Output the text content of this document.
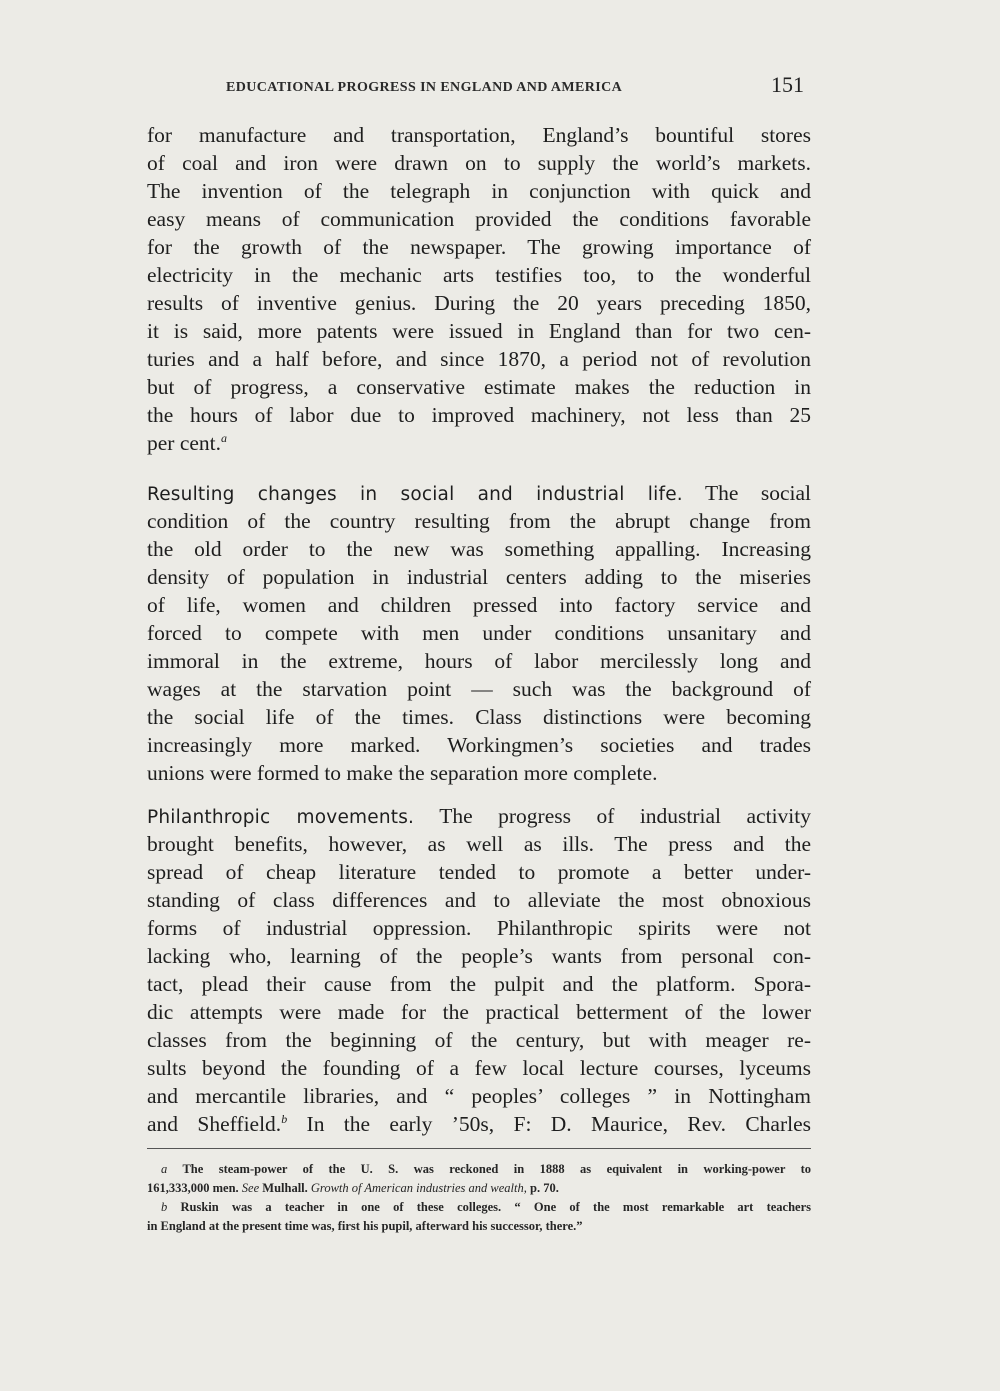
EDUCATIONAL PROGRESS IN ENGLAND AND AMERICA	151
for manufacture and transportation, England’s bountiful stores
of coal and iron were drawn on to supply the world’s markets.
The invention of the telegraph in conjunction with quick and
easy means of communication provided the conditions favorable
for the growth of the newspaper. The growing importance of
electricity in the mechanic arts testifies too, to the wonderful
results of inventive genius. During the 20 years preceding 1850,
it is said, more patents were issued in England than for two cen-
turies and a half before, and since 1870, a period not of revolution
but of progress, a conservative estimate makes the reduction in
the hours of labor due to improved machinery, not less than 25
per cent.$^a$
Resulting changes in social and industrial life. The social
condition of the country resulting from the abrupt change from
the old order to the new was something appalling. Increasing
density of population in industrial centers adding to the miseries
of life, women and children pressed into factory service and
forced to compete with men under conditions unsanitary and
immoral in the extreme, hours of labor mercilessly long and
wages at the starvation point — such was the background of
the social life of the times. Class distinctions were becoming
increasingly more marked. Workingmen’s societies and trades
unions were formed to make the separation more complete.
Philanthropic movements. The progress of industrial activity
brought benefits, however, as well as ills. The press and the
spread of cheap literature tended to promote a better under-
standing of class differences and to alleviate the most obnoxious
forms of industrial oppression. Philanthropic spirits were not
lacking who, learning of the people’s wants from personal con-
tact, plead their cause from the pulpit and the platform. Spora-
dic attempts were made for the practical betterment of the lower
classes from the beginning of the century, but with meager re-
sults beyond the founding of a few local lecture courses, lyceums
and mercantile libraries, and “ peoples’ colleges ” in Nottingham
and Sheffield.$^b$ In the early ’50s, F: D. Maurice, Rev. Charles
a The steam-power of the U. S. was reckoned in 1888 as equivalent in working-power to
161,333,000 men. See Mulhall. Growth of American industries and wealth, p. 70.
b Ruskin was a teacher in one of these colleges. “ One of the most remarkable art teachers
in England at the present time was, first his pupil, afterward his successor, there.”
